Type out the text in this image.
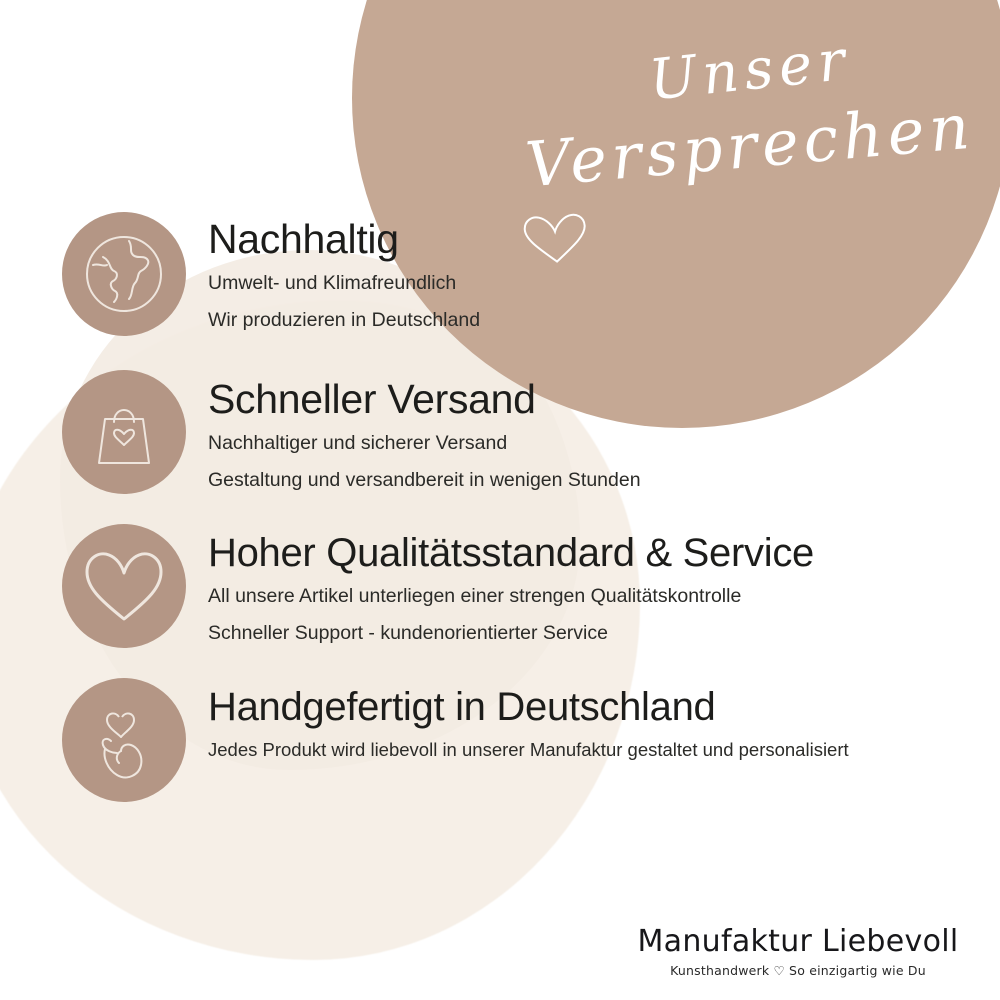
Unser
Versprechen
Nachhaltig
Umwelt- und Klimafreundlich
Wir produzieren in Deutschland
Schneller Versand
Nachhaltiger und sicherer Versand
Gestaltung und versandbereit in wenigen Stunden
Hoher Qualitätsstandard & Service
All unsere Artikel unterliegen einer strengen Qualitätskontrolle
Schneller Support - kundenorientierter Service
Handgefertigt in Deutschland
Jedes Produkt wird liebevoll in unserer Manufaktur gestaltet und personalisiert
Manufaktur Liebevoll
Kunsthandwerk ♡ So einzigartig wie Du
